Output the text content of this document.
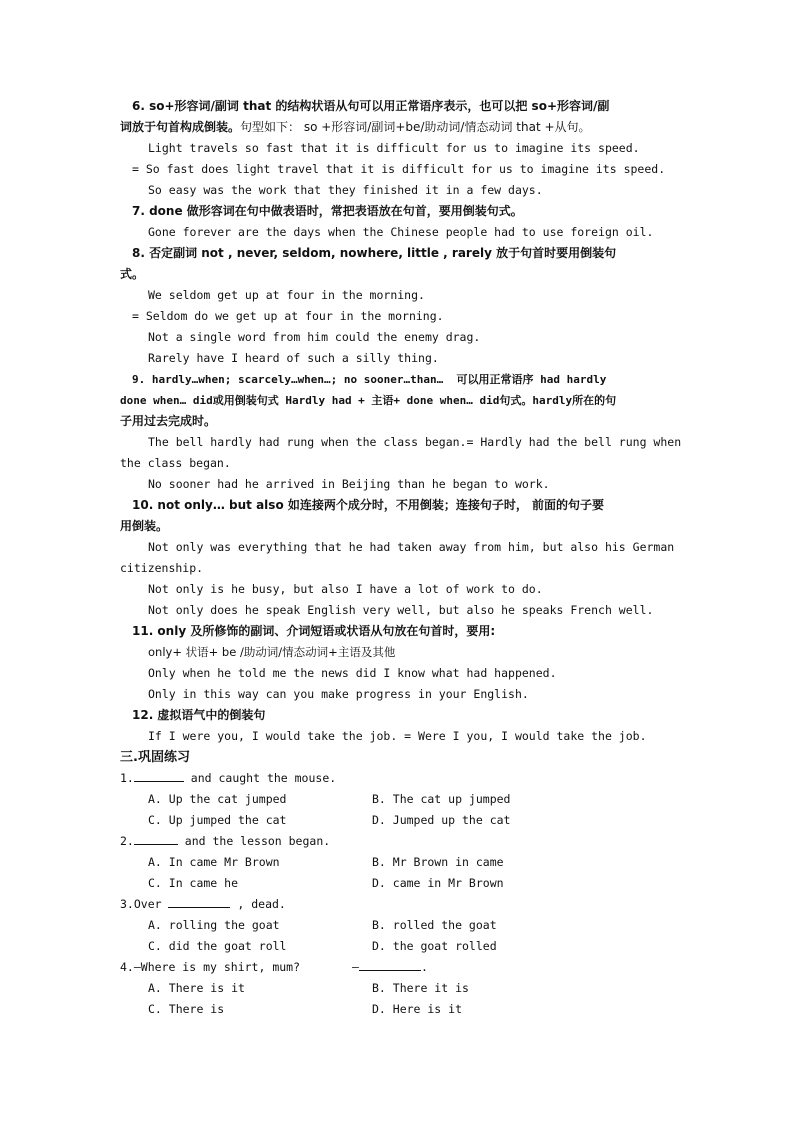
6. so+形容词/副词 that 的结构状语从句可以用正常语序表示，也可以把 so+形容词/副
词放于句首构成倒装。句型如下： so +形容词/副词+be/助动词/情态动词 that +从句。
Light travels so fast that it is difficult for us to imagine its speed.
= So fast does light travel that it is difficult for us to imagine its speed.
So easy was the work that they finished it in a few days.
7. done 做形容词在句中做表语时，常把表语放在句首，要用倒装句式。
Gone forever are the days when the Chinese people had to use foreign oil.
8. 否定副词 not , never, seldom, nowhere, little , rarely 放于句首时要用倒装句
式。
We seldom get up at four in the morning.
= Seldom do we get up at four in the morning.
Not a single word from him could the enemy drag.
Rarely have I heard of such a silly thing.
9. hardly…when; scarcely…when…; no sooner…than…  可以用正常语序 had hardly
done when… did或用倒装句式 Hardly had + 主语+ done when… did句式。hardly所在的句
子用过去完成时。
The bell hardly had rung when the class began.= Hardly had the bell rung when
the class began.
No sooner had he arrived in Beijing than he began to work.
10. not only… but also 如连接两个成分时，不用倒装；连接句子时， 前面的句子要
用倒装。
Not only was everything that he had taken away from him, but also his German
citizenship.
Not only is he busy, but also I have a lot of work to do.
Not only does he speak English very well, but also he speaks French well.
11. only 及所修饰的副词、介词短语或状语从句放在句首时，要用:
only+ 状语+ be /助动词/情态动词+主语及其他
Only when he told me the news did I know what had happened.
Only in this way can you make progress in your English.
12. 虚拟语气中的倒装句
If I were you, I would take the job. = Were I you, I would take the job.
三.巩固练习
1.	and caught the mouse.
A. Up the cat jumped	B. The cat up jumped
C. Up jumped the cat	D. Jumped up the cat
2.	and the lesson began.
A. In came Mr Brown	B. Mr Brown in came
C. In came he	D. came in Mr Brown
3.Over	, dead.
A. rolling the goat	B. rolled the goat
C. did the goat roll	D. the goat rolled
4.—Where is my shirt, mum?	—	.
A. There is it	B. There it is
C. There is	D. Here is it
